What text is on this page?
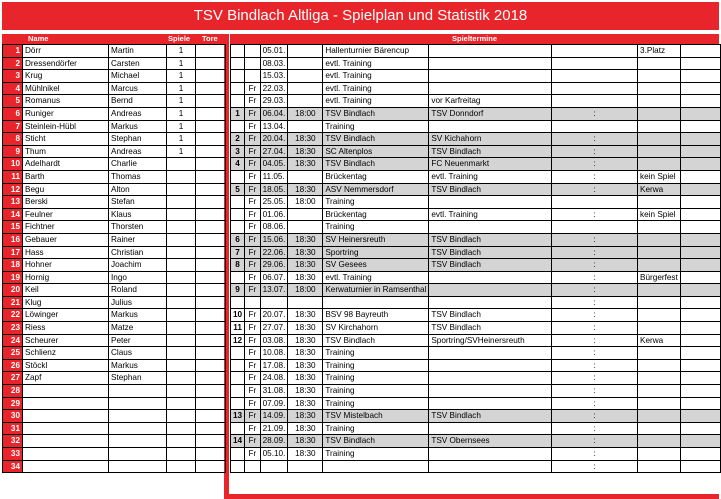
TSV Bindlach Altliga - Spielplan und Statistik 2018
Name	Spiele Tore	Spieltermine
1	Dörr	Martin	1	
2	Dressendörfer	Carsten	1	
3	Krug	Michael	1	
4	Mühlnikel	Marcus	1	
5	Romanus	Bernd	1	
6	Runiger	Andreas	1	
7	Steinlein-Hübl	Markus	1	
8	Sticht	Stephan	1	
9	Thum	Andreas	1	
10	Adelhardt	Charlie		
11	Barth	Thomas		
12	Begu	Alton		
13	Berski	Stefan		
14	Feulner	Klaus		
15	Fichtner	Thorsten		
16	Gebauer	Rainer		
17	Hass	Christian		
18	Hohner	Joachim		
19	Hornig	Ingo		
20	Keil	Roland		
21	Klug	Julius		
22	Löwinger	Markus		
23	Riess	Matze		
24	Scheurer	Peter		
25	Schlienz	Claus		
26	Stöckl	Markus		
27	Zapf	Stephan		
28				
29				
30				
31				
32				
33				
34				
		05.01.		Hallenturnier Bärencup			3.Platz	
		08.03.		evtl. Training				
		15.03.		evtl. Training				
	Fr	22.03.		evtl. Training				
	Fr	29.03.		evtl. Training	vor Karfreitag			
1	Fr	06.04.	18:00	TSV Bindlach	TSV Donndorf	:		
	Fr	13.04.		Training				
2	Fr	20.04.	18:30	TSV Bindlach	SV Kichahorn	:		
3	Fr	27.04.	18:30	SC Altenplos	TSV Bindlach	:		
4	Fr	04.05.	18:30	TSV Bindlach	FC Neuenmarkt	:		
	Fr	11.05.		Brückentag	evtl. Training	:	kein Spiel	
5	Fr	18.05.	18:30	ASV Nemmersdorf	TSV Bindlach	:	Kerwa	
	Fr	25.05.	18:00	Training				
	Fr	01.06.		Brückentag	evtl. Training	:	kein Spiel	
	Fr	08.06.		Training				
6	Fr	15.06.	18:30	SV Heinersreuth	TSV Bindlach	:		
7	Fr	22.06.	18:30	Sportring	TSV Bindlach	:		
8	Fr	29.06.	18:30	SV Gesees	TSV Bindlach	:		
	Fr	06.07.	18:30	evtl. Training		:	Bürgerfest	
9	Fr	13.07.	18:00	Kerwaturnier in Ramsenthal		:		
						:		
10	Fr	20.07.	18:30	BSV 98 Bayreuth	TSV Bindlach	:		
11	Fr	27.07.	18:30	SV Kirchahorn	TSV Bindlach	:		
12	Fr	03.08.	18:30	TSV Bindlach	Sportring/SVHeinersreuth	:	Kerwa	
	Fr	10.08.	18:30	Training		:		
	Fr	17.08.	18:30	Training		:		
	Fr	24.08.	18:30	Training		:		
	Fr	31.08.	18:30	Training		:		
	Fr	07.09.	18:30	Training		:		
13	Fr	14.09.	18:30	TSV Mistelbach	TSV Bindlach	:		
	Fr	21.09.	18:30	Training		:		
14	Fr	28.09.	18:30	TSV Bindlach	TSV Obernsees	:		
	Fr	05.10.	18:30	Training		:		
						:		
